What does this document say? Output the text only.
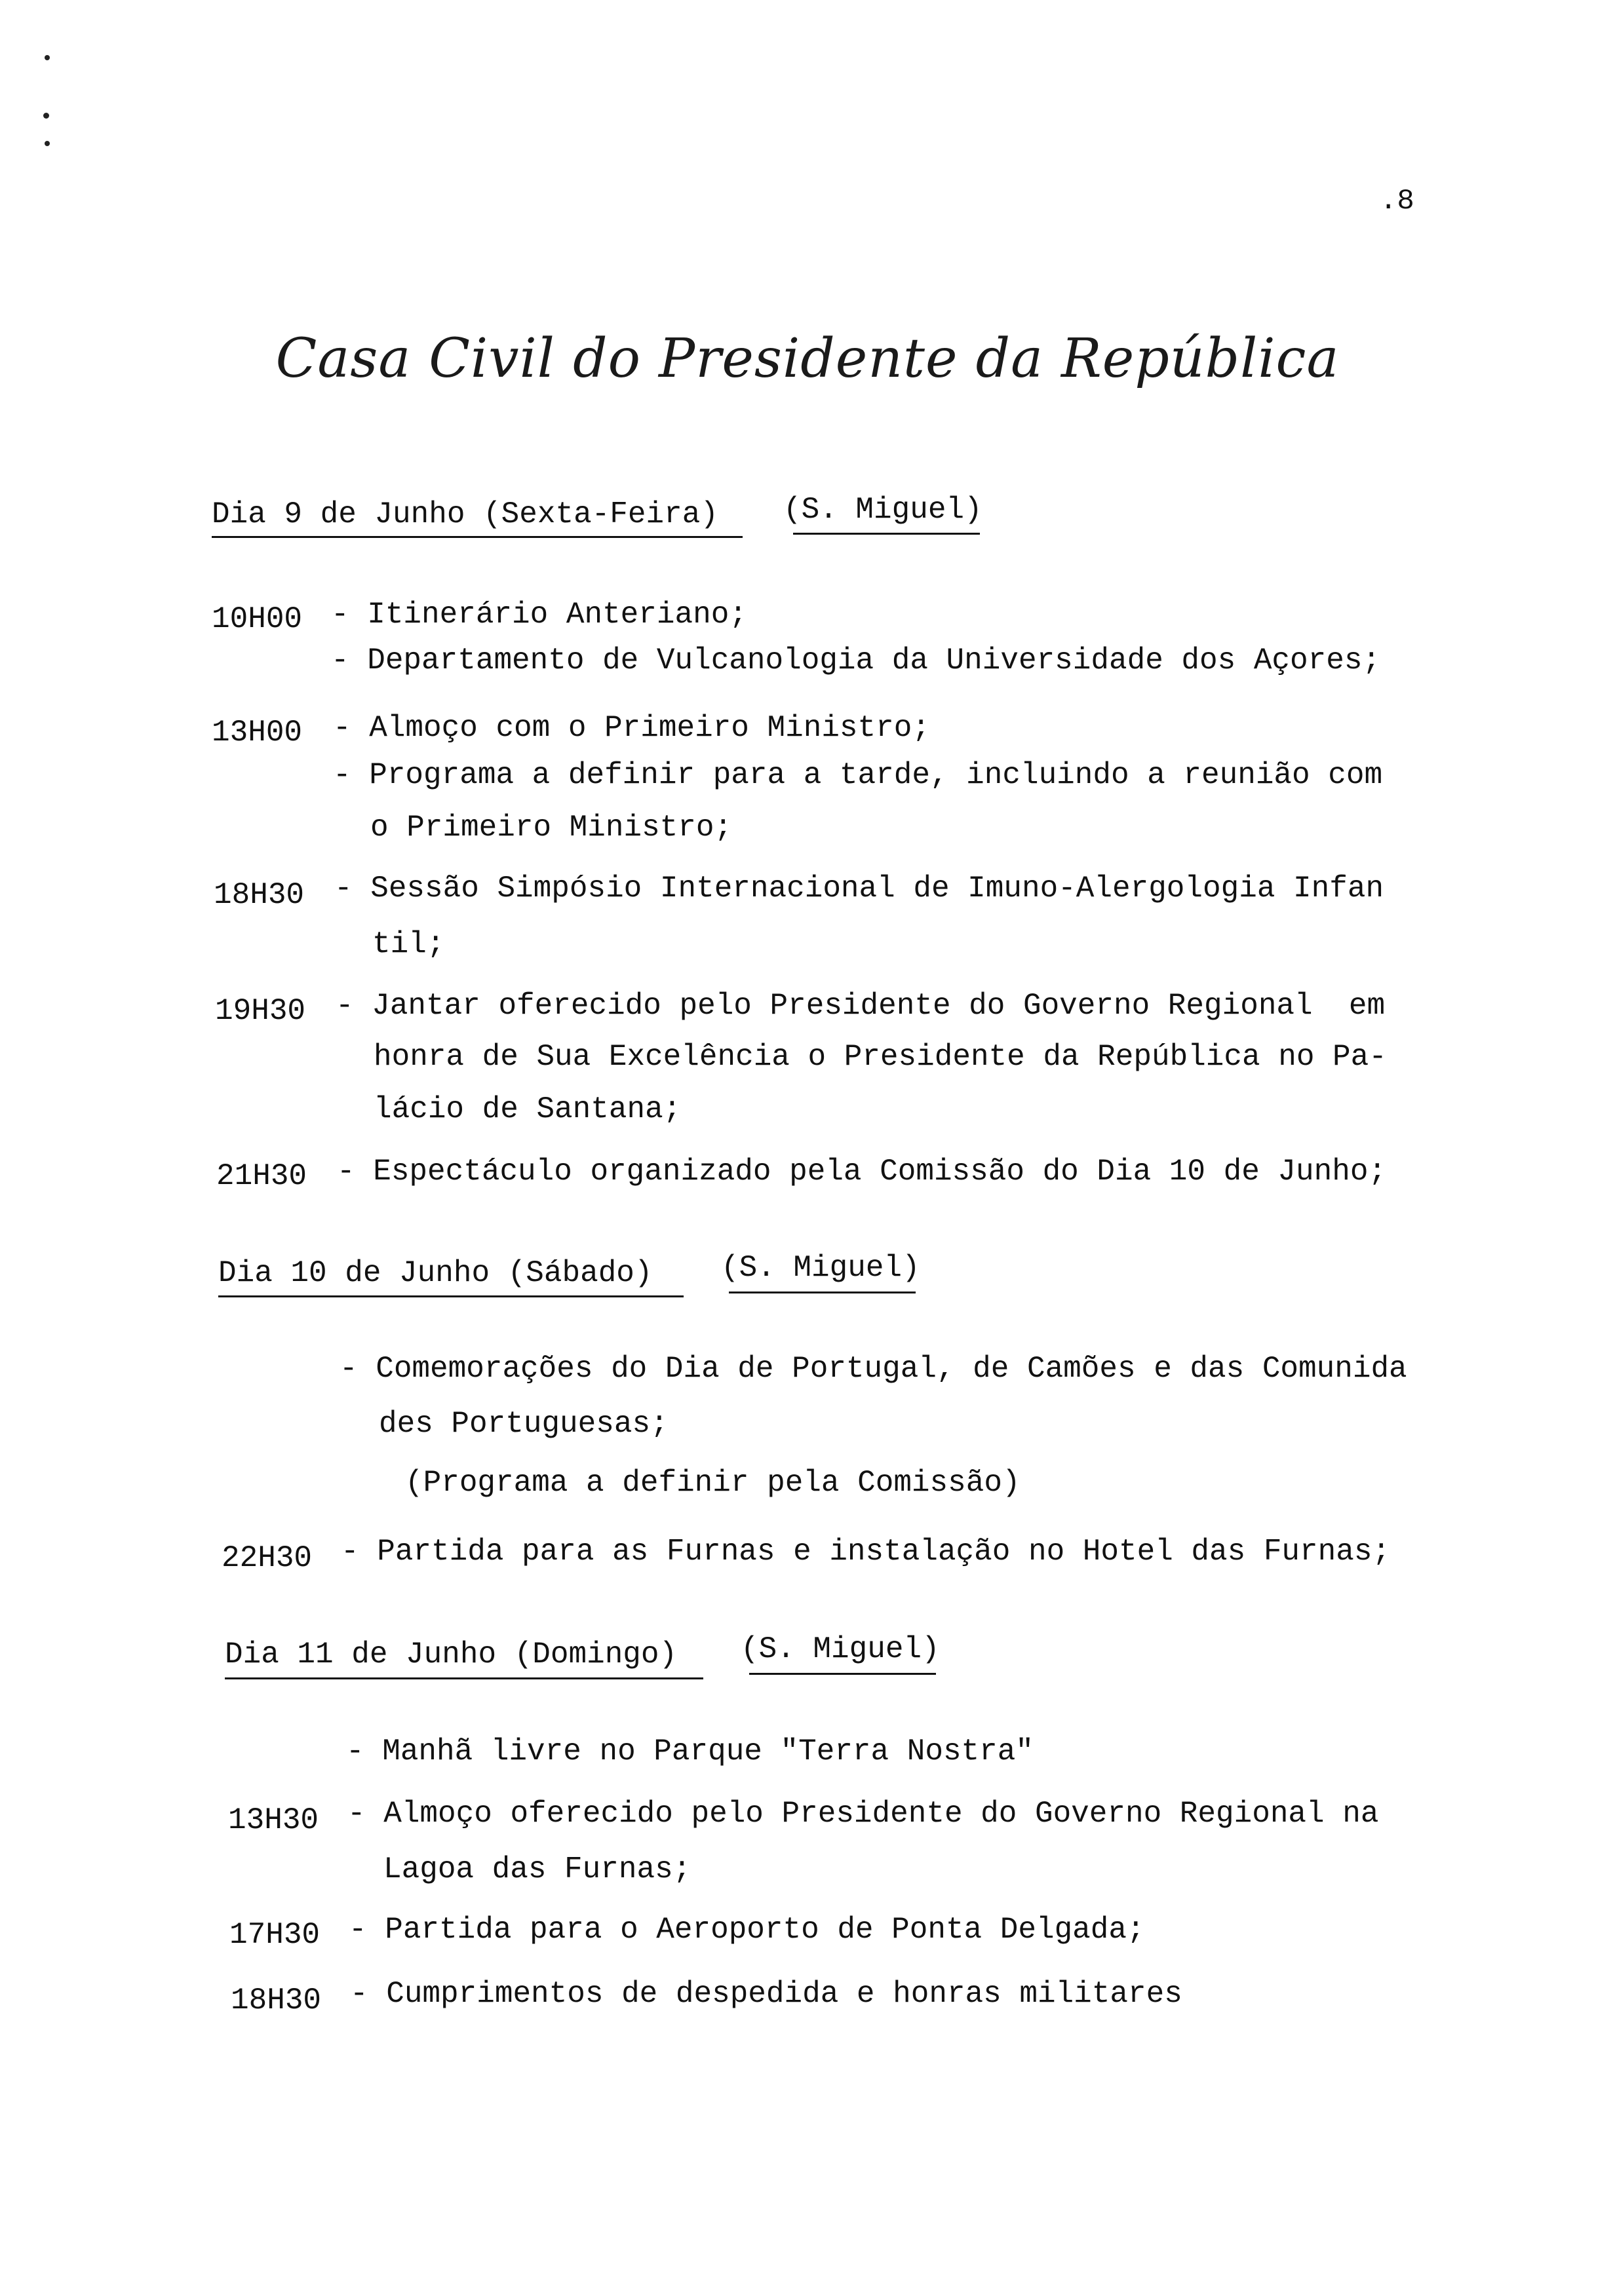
.8
Casa Civil do Presidente da República
Dia 9 de Junho (Sexta-Feira) (S. Miguel)
10H00 - Itinerário Anteriano;
- Departamento de Vulcanologia da Universidade dos Açores;
13H00 - Almoço com o Primeiro Ministro;
- Programa a definir para a tarde, incluindo a reunião com
o Primeiro Ministro;
18H30 - Sessão Simpósio Internacional de Imuno-Alergologia Infan
til;
19H30 - Jantar oferecido pelo Presidente do Governo Regional  em
honra de Sua Excelência o Presidente da República no Pa-
lácio de Santana;
21H30 - Espectáculo organizado pela Comissão do Dia 10 de Junho;
Dia 10 de Junho (Sábado) (S. Miguel)
- Comemorações do Dia de Portugal, de Camões e das Comunida
des Portuguesas;
(Programa a definir pela Comissão)
22H30 - Partida para as Furnas e instalação no Hotel das Furnas;
Dia 11 de Junho (Domingo) (S. Miguel)
- Manhã livre no Parque "Terra Nostra"
13H30 - Almoço oferecido pelo Presidente do Governo Regional na
Lagoa das Furnas;
17H30 - Partida para o Aeroporto de Ponta Delgada;
18H30 - Cumprimentos de despedida e honras militares
